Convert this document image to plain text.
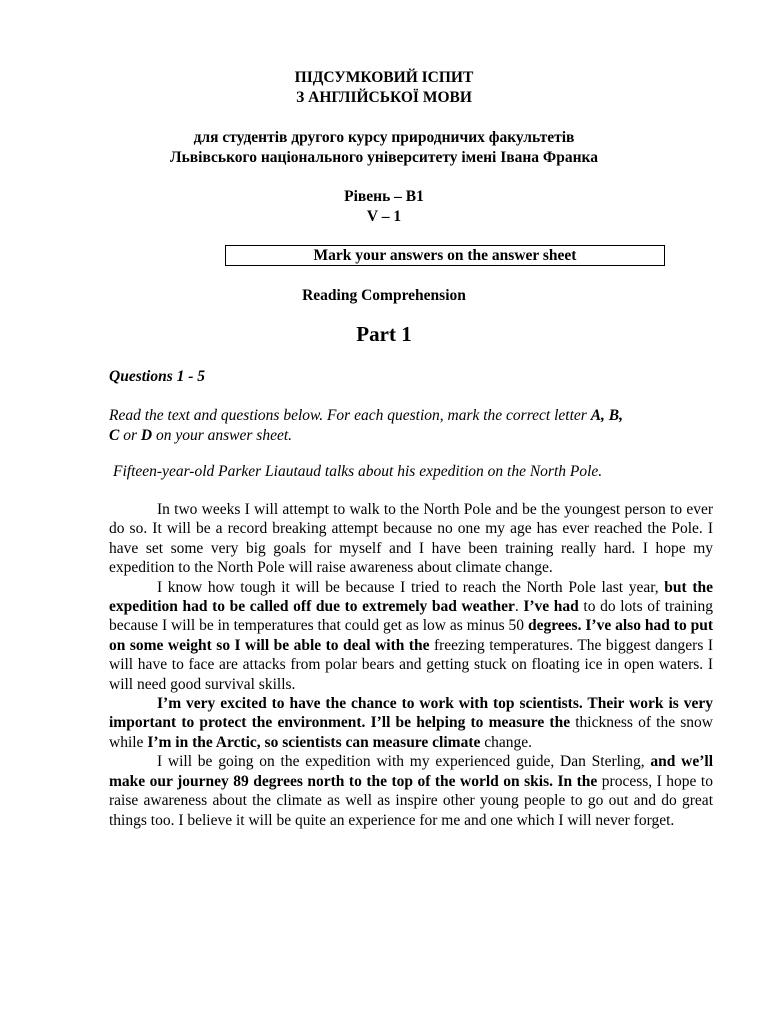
ПІДСУМКОВИЙ ІСПИТ
З АНГЛІЙСЬКОЇ МОВИ
для студентів другого курсу природничих факультетів
Львівського національного університету імені Івана Франка
Рівень – B1
V – 1
Mark your answers on the answer sheet
Reading Comprehension
Part 1
Questions 1 - 5
Read the text and questions below. For each question, mark the correct letter A, B,
C or D on your answer sheet.
Fifteen-year-old Parker Liautaud talks about his expedition on the North Pole.

In two weeks I will attempt to walk to the North Pole and be the youngest person to ever do so. It will be a record breaking attempt because no one my age has ever reached the Pole. I have set some very big goals for myself and I have been training really hard. I hope my expedition to the North Pole will raise awareness about climate change.

I know how tough it will be because I tried to reach the North Pole last year, but the expedition had to be called off due to extremely bad weather. I’ve had to do lots of training because I will be in temperatures that could get as low as minus 50 degrees. I’ve also had to put on some weight so I will be able to deal with the freezing temperatures. The biggest dangers I will have to face are attacks from polar bears and getting stuck on floating ice in open waters. I will need good survival skills.

I’m very excited to have the chance to work with top scientists. Their work is very important to protect the environment. I’ll be helping to measure the thickness of the snow while I’m in the Arctic, so scientists can measure climate change.

I will be going on the expedition with my experienced guide, Dan Sterling, and we’ll make our journey 89 degrees north to the top of the world on skis. In the process, I hope to raise awareness about the climate as well as inspire other young people to go out and do great things too. I believe it will be quite an experience for me and one which I will never forget.
